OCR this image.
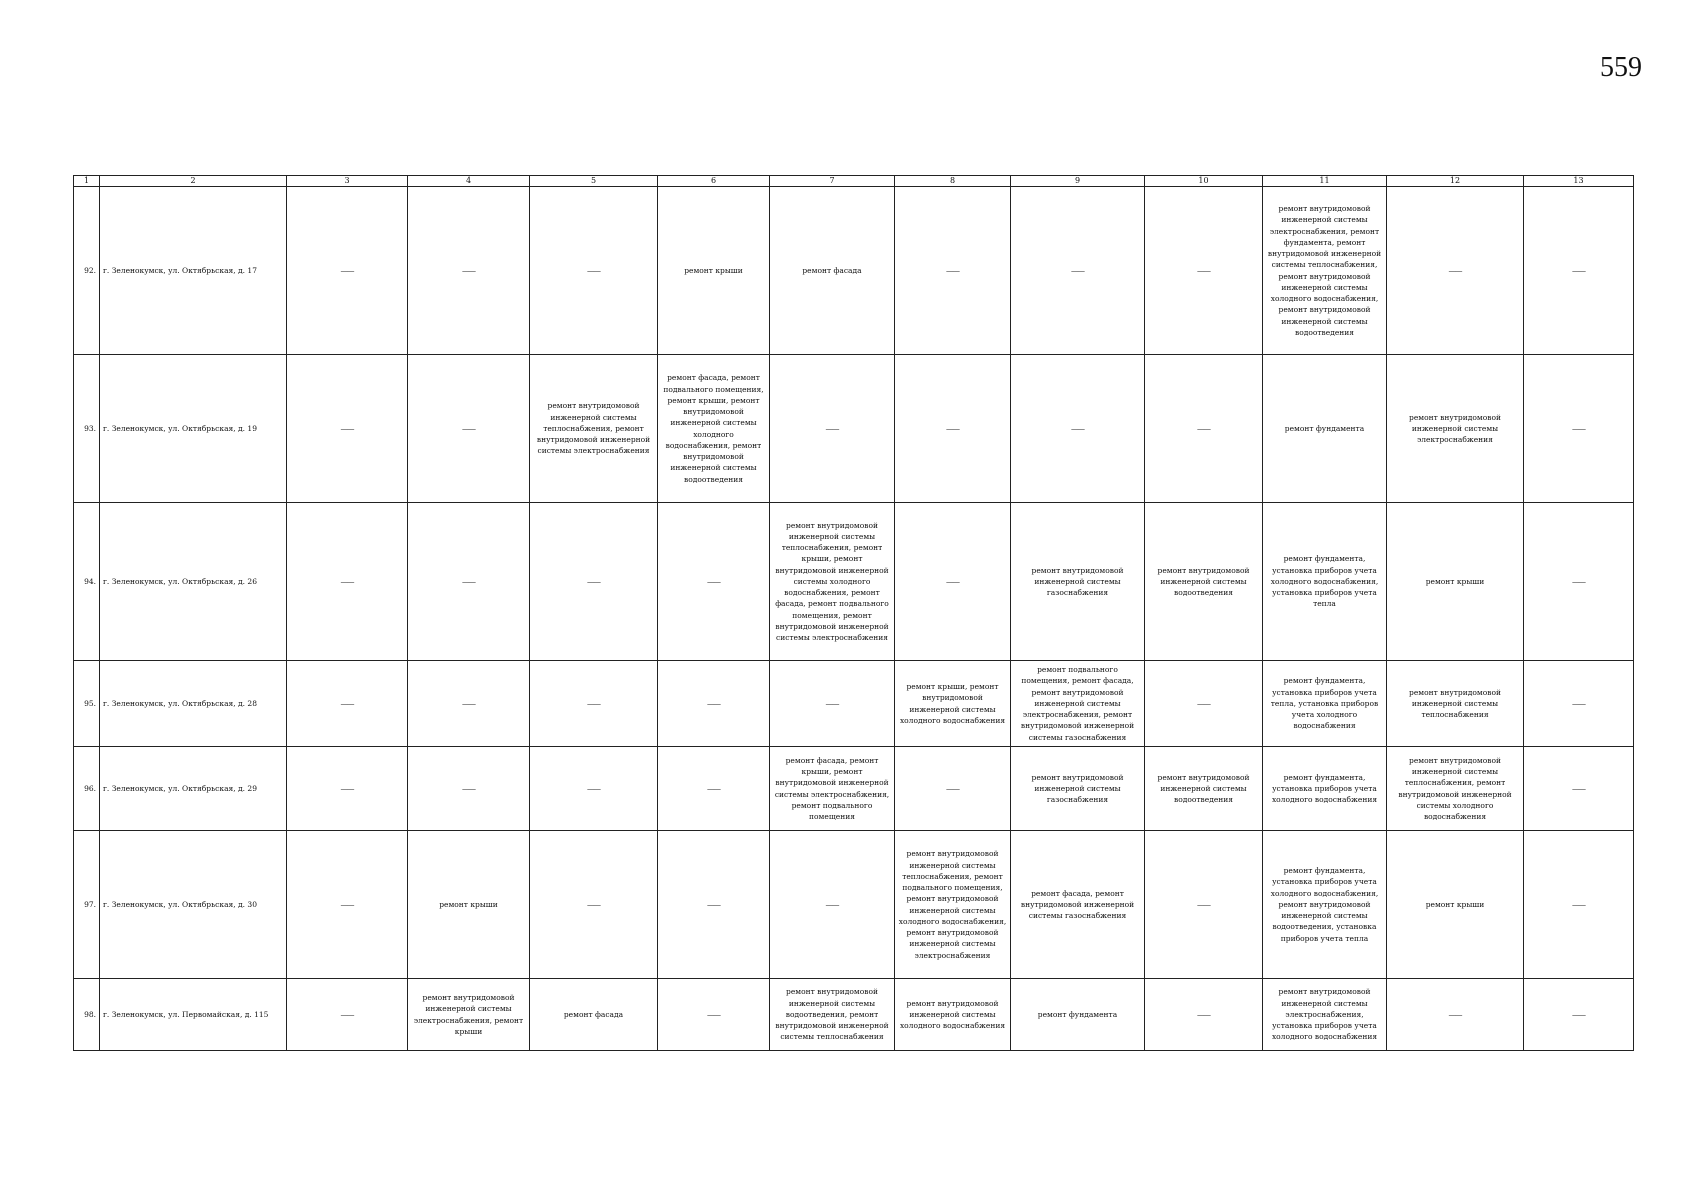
559
1	2	3	4	5	6	7	8	9	10	11	12	13
92.	г. Зеленокумск, ул. Октябрьская, д. 17	——	——	——	ремонт крыши	ремонт фасада	——	——	——	ремонт внутридомовой инженерной системы электроснабжения, ремонт фундамента, ремонт внутридомовой инженерной системы теплоснабжения, ремонт внутридомовой инженерной системы холодного водоснабжения, ремонт внутридомовой инженерной системы водоотведения	——	——
93.	г. Зеленокумск, ул. Октябрьская, д. 19	——	——	ремонт внутридомовой инженерной системы теплоснабжения, ремонт внутридомовой инженерной системы электроснабжения	ремонт фасада, ремонт подвального помещения, ремонт крыши, ремонт внутридомовой инженерной системы холодного водоснабжения, ремонт внутридомовой инженерной системы водоотведения	——	——	——	——	ремонт фундамента	ремонт внутридомовой инженерной системы электроснабжения	——
94.	г. Зеленокумск, ул. Октябрьская, д. 26	——	——	——	——	ремонт внутридомовой инженерной системы теплоснабжения, ремонт крыши, ремонт внутридомовой инженерной системы холодного водоснабжения, ремонт фасада, ремонт подвального помещения, ремонт внутридомовой инженерной системы электроснабжения	——	ремонт внутридомовой инженерной системы газоснабжения	ремонт внутридомовой инженерной системы водоотведения	ремонт фундамента, установка приборов учета холодного водоснабжения, установка приборов учета тепла	ремонт крыши	——
95.	г. Зеленокумск, ул. Октябрьская, д. 28	——	——	——	——	——	ремонт крыши, ремонт внутридомовой инженерной системы холодного водоснабжения	ремонт подвального помещения, ремонт фасада, ремонт внутридомовой инженерной системы электроснабжения, ремонт внутридомовой инженерной системы газоснабжения	——	ремонт фундамента, установка приборов учета тепла, установка приборов учета холодного водоснабжения	ремонт внутридомовой инженерной системы теплоснабжения	——
96.	г. Зеленокумск, ул. Октябрьская, д. 29	——	——	——	——	ремонт фасада, ремонт крыши, ремонт внутридомовой инженерной системы электроснабжения, ремонт подвального помещения	——	ремонт внутридомовой инженерной системы газоснабжения	ремонт внутридомовой инженерной системы водоотведения	ремонт фундамента, установка приборов учета холодного водоснабжения	ремонт внутридомовой инженерной системы теплоснабжения, ремонт внутридомовой инженерной системы холодного водоснабжения	——
97.	г. Зеленокумск, ул. Октябрьская, д. 30	——	ремонт крыши	——	——	——	ремонт внутридомовой инженерной системы теплоснабжения, ремонт подвального помещения, ремонт внутридомовой инженерной системы холодного водоснабжения, ремонт внутридомовой инженерной системы электроснабжения	ремонт фасада, ремонт внутридомовой инженерной системы газоснабжения	——	ремонт фундамента, установка приборов учета холодного водоснабжения, ремонт внутридомовой инженерной системы водоотведения, установка приборов учета тепла	ремонт крыши	——
98.	г. Зеленокумск, ул. Первомайская, д. 115	——	ремонт внутридомовой инженерной системы электроснабжения, ремонт крыши	ремонт фасада	——	ремонт внутридомовой инженерной системы водоотведения, ремонт внутридомовой инженерной системы теплоснабжения	ремонт внутридомовой инженерной системы холодного водоснабжения	ремонт фундамента	——	ремонт внутридомовой инженерной системы электроснабжения, установка приборов учета холодного водоснабжения	——	——
